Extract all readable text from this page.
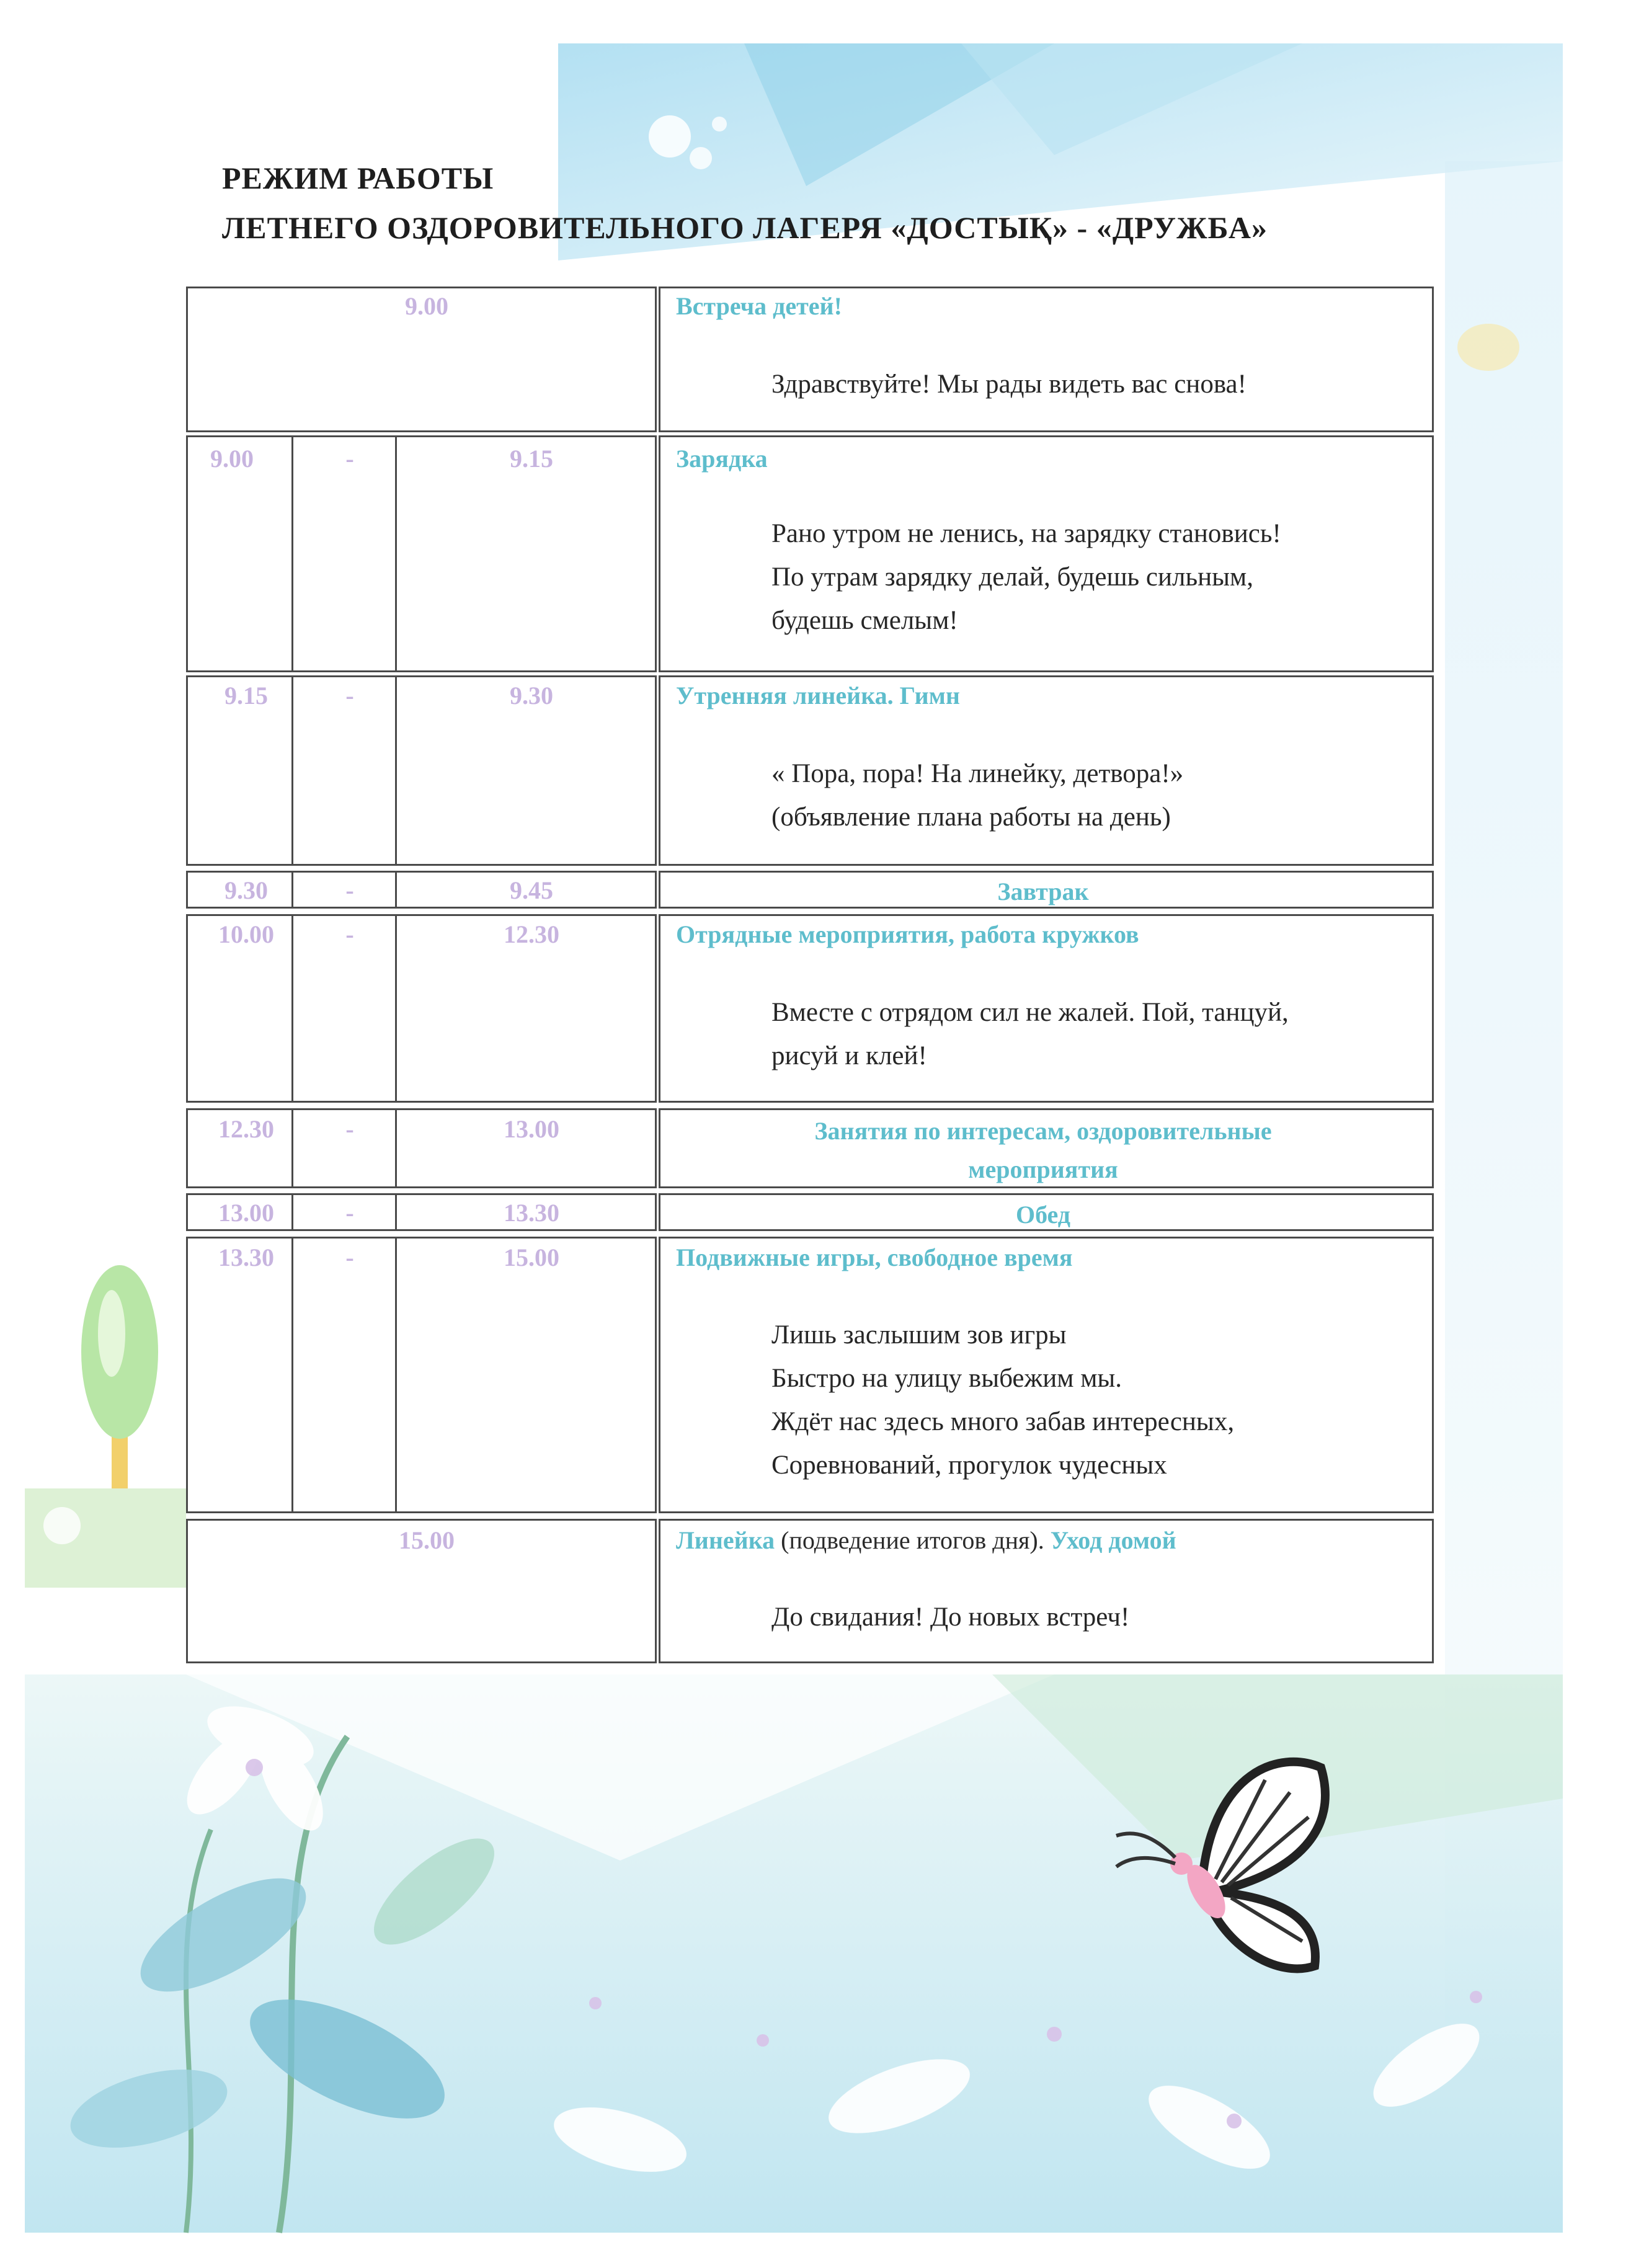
РЕЖИМ РАБОТЫ
ЛЕТНЕГО ОЗДОРОВИТЕЛЬНОГО ЛАГЕРЯ «ДОСТЫҚ» - «ДРУЖБА»
9.00	Встреча детей!
Здравствуйте! Мы рады видеть вас снова!
9.00	-	9.15	Зарядка
Рано утром не ленись, на зарядку становись!
По утрам зарядку делай, будешь сильным,
будешь смелым!
9.15	-	9.30	Утренняя линейка. Гимн
« Пора, пора! На линейку, детвора!»
(объявление плана работы на день)
9.30	-	9.45	Завтрак
10.00	-	12.30	Отрядные мероприятия, работа кружков
Вместе с отрядом сил не жалей. Пой, танцуй,
рисуй и клей!
12.30	-	13.00	Занятия по интересам, оздоровительные
мероприятия
13.00	-	13.30	Обед
13.30	-	15.00	Подвижные игры, свободное время
Лишь заслышим зов игры
Быстро на улицу выбежим мы.
Ждёт нас здесь много забав интересных,
Соревнований, прогулок чудесных
15.00	Линейка (подведение итогов дня). Уход домой
До свидания! До новых встреч!
